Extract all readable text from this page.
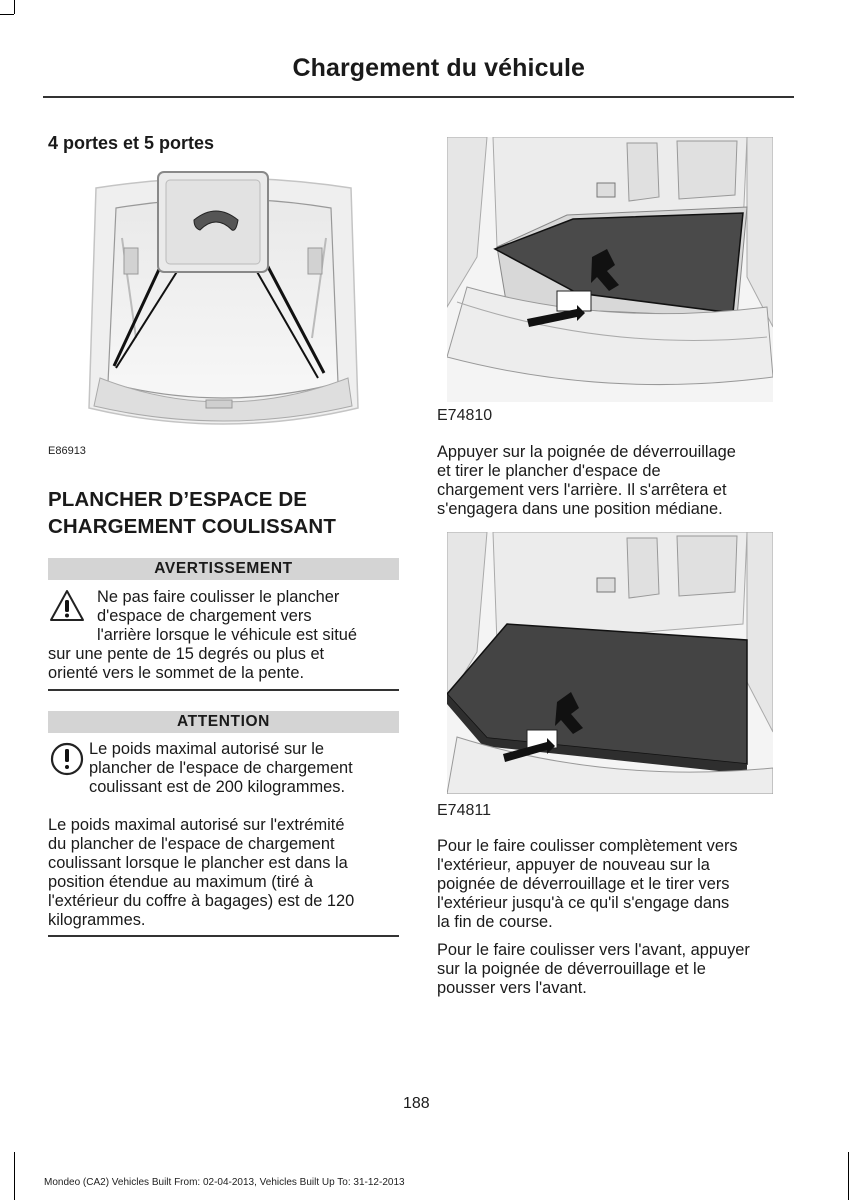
Chargement du véhicule
4 portes et 5 portes
E86913
PLANCHER D’ESPACE DE
CHARGEMENT COULISSANT
AVERTISSEMENT
Ne pas faire coulisser le plancher
d'espace de chargement vers
l'arrière lorsque le véhicule est situé
sur une pente de 15 degrés ou plus et
orienté vers le sommet de la pente.
ATTENTION
Le poids maximal autorisé sur le
plancher de l'espace de chargement
coulissant est de 200 kilogrammes.
Le poids maximal autorisé sur l'extrémité
du plancher de l'espace de chargement
coulissant lorsque le plancher est dans la
position étendue au maximum (tiré à
l'extérieur du coffre à bagages) est de 120
kilogrammes.
E74810
Appuyer sur la poignée de déverrouillage
et tirer le plancher d'espace de
chargement vers l'arrière. Il s'arrêtera et
s'engagera dans une position médiane.
E74811
Pour le faire coulisser complètement vers
l'extérieur, appuyer de nouveau sur la
poignée de déverrouillage et le tirer vers
l'extérieur jusqu'à ce qu'il s'engage dans
la fin de course.
Pour le faire coulisser vers l'avant, appuyer
sur la poignée de déverrouillage et le
pousser vers l'avant.
188
Mondeo (CA2) Vehicles Built From: 02-04-2013, Vehicles Built Up To: 31-12-2013
